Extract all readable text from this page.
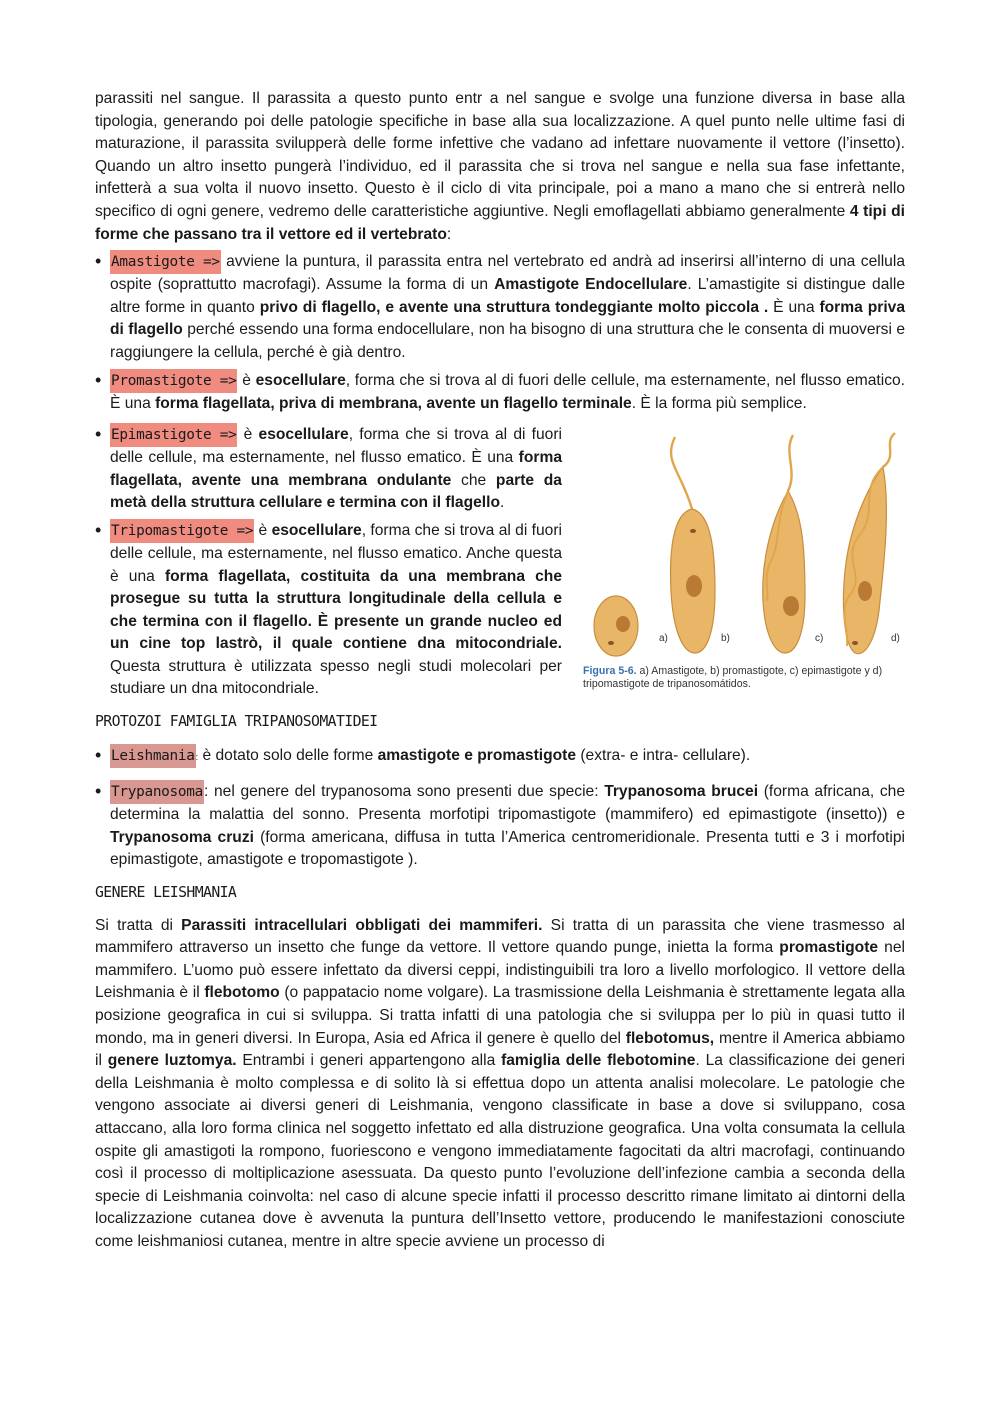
parassiti nel sangue. Il parassita a questo punto entr a nel sangue e svolge una funzione diversa in base alla tipologia, generando poi delle patologie specifiche in base alla sua localizzazione. A quel punto nelle ultime fasi di maturazione, il parassita svilupperà delle forme infettive che vadano ad infettare nuovamente il vettore (l’insetto). Quando un altro insetto pungerà l’individuo, ed il parassita che si trova nel sangue e nella sua fase infettante, infetterà a sua volta il nuovo insetto. Questo è il ciclo di vita principale, poi a mano a mano che si entrerà nello specifico di ogni genere, vedremo delle caratteristiche aggiuntive. Negli emoflagellati abbiamo generalmente 4 tipi di forme che passano tra il vettore ed il vertebrato:

• Amastigote => avviene la puntura, il parassita entra nel vertebrato ed andrà ad inserirsi all’interno di una cellula ospite (soprattutto macrofagi). Assume la forma di un Amastigote Endocellulare. L’amastigite si distingue dalle altre forme in quanto privo di flagello, e avente una struttura tondeggiante molto piccola . È una forma priva di flagello perché essendo una forma endocellulare, non ha bisogno di una struttura che le consenta di muoversi e raggiungere la cellula, perché è già dentro.
• Promastigote => è esocellulare, forma che si trova al di fuori delle cellule, ma esternamente, nel flusso ematico. È una forma flagellata, priva di membrana, avente un flagello terminale. È la forma più semplice.
• Epimastigote => è esocellulare, forma che si trova al di fuori delle cellule, ma esternamente, nel flusso ematico. È una forma flagellata, avente una membrana ondulante che parte da metà della struttura cellulare e termina con il flagello.
• Tripomastigote => è esocellulare, forma che si trova al di fuori delle cellule, ma esternamente, nel flusso ematico. Anche questa è una forma flagellata, costituita da una membrana che prosegue su tutta la struttura longitudinale della cellula e che termina con il flagello. È presente un grande nucleo ed un cine top lastrò, il quale contiene dna mitocondriale. Questa struttura è utilizzata spesso negli studi molecolari per studiare un dna mitocondriale.
a)	b)	c)	d)
Figura 5-6. a) Amastigote, b) promastigote, c) epimastigote y d) tripomastigote de tripanosomátidos.
PROTOZOI FAMIGLIA TRIPANOSOMATIDEI
• Leishmania: è dotato solo delle forme amastigote e promastigote (extra- e intra- cellulare).
• Trypanosoma: nel genere del trypanosoma sono presenti due specie: Trypanosoma brucei (forma africana, che determina la malattia del sonno. Presenta morfotipi tripomastigote (mammifero) ed epimastigote (insetto)) e Trypanosoma cruzi (forma americana, diffusa in tutta l’America centromeridionale. Presenta tutti e 3 i morfotipi epimastigote, amastigote e tropomastigote ).
GENERE LEISHMANIA

Si tratta di Parassiti intracellulari obbligati dei mammiferi. Si tratta di un parassita che viene trasmesso al mammifero attraverso un insetto che funge da vettore. Il vettore quando punge, inietta la forma promastigote nel mammifero. L’uomo può essere infettato da diversi ceppi, indistinguibili tra loro a livello morfologico. Il vettore della Leishmania è il flebotomo (o pappatacio nome volgare). La trasmissione della Leishmania è strettamente legata alla posizione geografica in cui si sviluppa. Si tratta infatti di una patologia che si sviluppa per lo più in quasi tutto il mondo, ma in generi diversi. In Europa, Asia ed Africa il genere è quello del flebotomus, mentre il America abbiamo il genere luztomya. Entrambi i generi appartengono alla famiglia delle flebotomine. La classificazione dei generi della Leishmania è molto complessa e di solito là si effettua dopo un attenta analisi molecolare. Le patologie che vengono associate ai diversi generi di Leishmania, vengono classificate in base a dove si sviluppano, cosa attaccano, alla loro forma clinica nel soggetto infettato ed alla distruzione geografica. Una volta consumata la cellula ospite gli amastigoti la rompono, fuoriescono e vengono immediatamente fagocitati da altri macrofagi, continuando così il processo di moltiplicazione asessuata. Da questo punto l’evoluzione dell’infezione cambia a seconda della specie di Leishmania coinvolta: nel caso di alcune specie infatti il processo descritto rimane limitato ai dintorni della localizzazione cutanea dove è avvenuta la puntura dell’Insetto vettore, producendo le manifestazioni conosciute come leishmaniosi cutanea, mentre in altre specie avviene un processo di
